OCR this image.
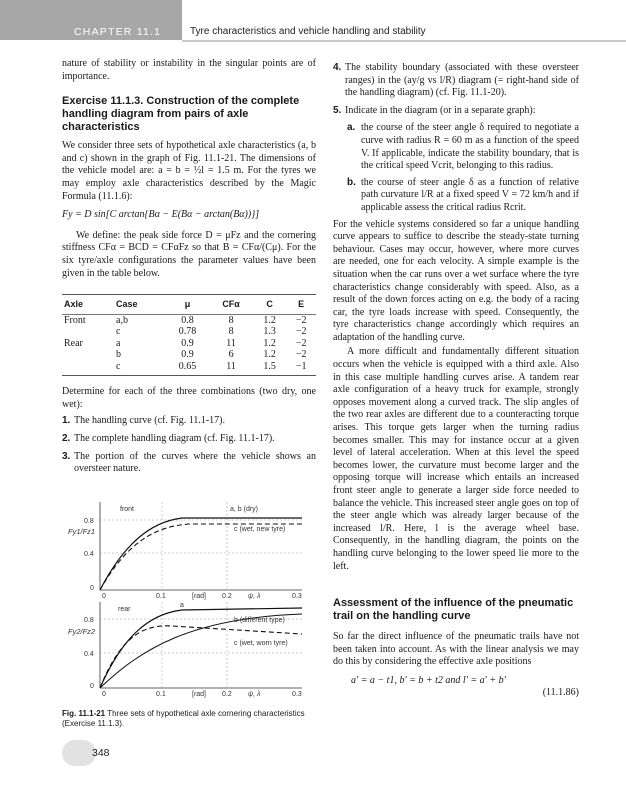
CHAPTER 11.1	Tyre characteristics and vehicle handling and stability

nature of stability or instability in the singular points are of importance.

Exercise 11.1.3. Construction of the complete handling diagram from pairs of axle characteristics

We consider three sets of hypothetical axle characteristics (a, b and c) shown in the graph of Fig. 11.1-21. The dimensions of the vehicle model are: a = b = ½l = 1.5 m. For the tyres we may employ axle characteristics described by the Magic Formula (11.1.6):

Fy = D sin[C arctan{Bα − E(Bα − arctan(Bα))}]

We define: the peak side force D = μFz and the cornering stiffness CFα = BCD = CFαFz so that B = CFα/(Cμ). For the six tyre/axle configurations the parameter values have been given in the table below.

Axle	Case	μ	CFα	C	E
Front	a,b	0.8	8	1.2	−2
	c	0.78	8	1.3	−2
Rear	a	0.9	11	1.2	−2
	b	0.9	6	1.2	−2
	c	0.65	11	1.5	−1

Determine for each of the three combinations (two dry, one wet):

1. The handling curve (cf. Fig. 11.1-17).
2. The complete handling diagram (cf. Fig. 11.1-17).
3. The portion of the curves where the vehicle shows an oversteer nature.
0.8
0.4
0
0	0.1	[rad] 0.2 ψ, λ	0.3
Fy1/Fz1
front	a, b (dry)
c (wet, new tyre)
0.8
0.4
0
0	0.1	[rad] 0.2 ψ, λ	0.3
Fy2/Fz2
rear
a
b (different type)
c (wet, worn tyre)
Fig. 11.1-21 Three sets of hypothetical axle cornering characteristics (Exercise 11.1.3).
4. The stability boundary (associated with these oversteer ranges) in the (ay/g vs l/R) diagram (= right-hand side of the handling diagram) (cf. Fig. 11.1-20).
5. Indicate in the diagram (or in a separate graph):
a. the course of the steer angle δ required to negotiate a curve with radius R = 60 m as a function of the speed V. If applicable, indicate the stability boundary, that is the critical speed Vcrit, belonging to this radius.
b. the course of steer angle δ as a function of relative path curvature l/R at a fixed speed V = 72 km/h and if applicable assess the critical radius Rcrit.

For the vehicle systems considered so far a unique handling curve appears to suffice to describe the steady-state turning behaviour. Cases may occur, however, where more curves are needed, one for each velocity. A simple example is the situation when the car runs over a wet surface where the tyre characteristics change considerably with speed. Also, as a result of the down forces acting on e.g. the body of a racing car, the tyre loads increase with speed. Consequently, the tyre characteristics change accordingly which requires an adaptation of the handling curve.

A more difficult and fundamentally different situation occurs when the vehicle is equipped with a third axle. Also in this case multiple handling curves arise. A tandem rear axle configuration of a heavy truck for example, strongly opposes movement along a curved track. The slip angles of the two rear axles are different due to a counteracting torque arises. This torque gets larger when the turning radius becomes smaller. This may for instance occur at a given level of lateral acceleration. When at this level the speed becomes lower, the curvature must become larger and the opposing torque will increase which entails an increased front steer angle to generate a larger side force needed to balance the vehicle. This increased steer angle goes on top of the steer angle which was already larger because of the increased l/R. Here, l is the average wheel base. Consequently, in the handling diagram, the points on the handling curve belonging to the lower speed lie more to the left.

Assessment of the influence of the pneumatic trail on the handling curve

So far the direct influence of the pneumatic trails have not been taken into account. As with the linear analysis we may do this by considering the effective axle positions

a′ = a − t1, b′ = b + t2 and l′ = a′ + b′
(11.1.86)
348
